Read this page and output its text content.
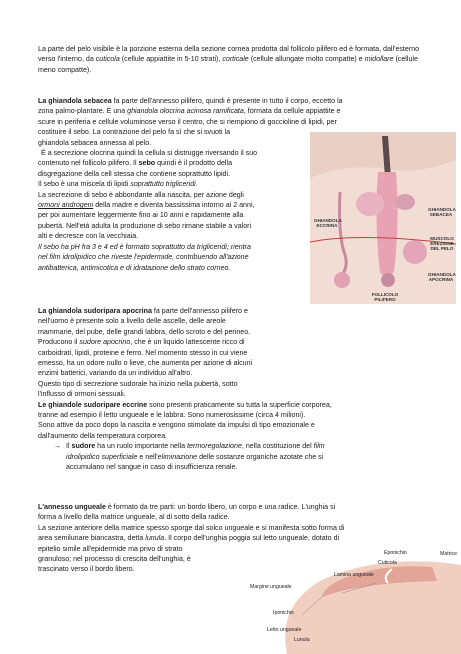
La parte del pelo visibile è la porzione esterna della sezione cornea prodotta dal follicolo pilifero ed è formata, dall'esterno verso l'interno, da cuticola (cellule appiattite in 5-10 strati), corticale (cellule allungate molto compatte) e midollare (cellule meno compatte).

La ghiandola sebacea fa parte dell'annesso pilifero, quindi è presente in tutto il corpo, eccetto la

zona palmo-plantare. È una ghiandola olocrina acinosa ramificata, formata da cellule appiattite e

scure in periferia e cellule voluminose verso il centro, che si riempiono di goccioline di lipidi, per

costituire il sebo. La contrazione del pelo fa sì che si svuoti la

ghiandola sebacea annessa al pelo.

É a secrezione olocrina quindi la cellula si distrugge riversando il suo

contenuto nel follicolo pilifero. Il sebo quindi è il prodotto della

disgregazione della cell stessa che contiene soprattutto lipidi.

Il sebo è una miscela di lipidi soprattutto trigliceridi.

La secrezione di sebo è abbondante alla nascita, per azione degli

ormoni androgeni della madre e diventa bassissima intorno ai 2 anni,

per poi aumentare leggermente fino ai 10 anni e rapidamente alla

pubertà. Nell'età adulta la produzione di sebo rimane stabile a valori

alti e decresce con la vecchiaia.

Il sebo ha pH fra 3 e 4 ed è formato soprattutto da trigliceridi; rientra

nel film idrolipidico che riveste l'epidermide, contribuendo all'azione

antibatterica, antimicotica e di idratazione dello strato corneo.

La ghiandola sudoripara apocrina fa parte dell'annesso pilifero e

nell'uomo è presente solo a livello delle ascelle, delle areole

mammarie, del pube, delle grandi labbra, dello scroto e del perineo.

Producono il sudore apocrino, che è un liquido lattescente ricco di

carboidrati, lipidi, proteine e ferro. Nel momento stesso in cui viene

emesso, ha un odore nullo o lieve, che aumenta per azione di alcuni

enzimi batterici, variando da un individuo all'altro.

Questo tipo di secrezione sudorale ha inizio nella pubertà, sotto

l'influsso di ormoni sessuali.

Le ghiandole sudoripare eccrine sono presenti praticamente su tutta la superficie corporea,

tranne ad esempio il letto ungueale e le labbra. Sono numerosissime (circa 4 milioni).

Sono attive da poco dopo la nascita e vengono stimolate da impulsi di tipo emozionale e

dall'aumento della temperatura corporea.

→ Il sudore ha un ruolo importante nella termoregolazione, nella costituzione del film

idrolipidico superficiale e nell'eliminazione delle sostanze organiche azotate che si

accumulano nel sangue in caso di insufficienza renale.

L'annesso ungueale è formato da tre parti: un bordo libero, un corpo e una radice. L'unghia si

forma a livello della matrice ungueale, al di sotto della radice.

La sezione anteriore della matrice spesso sporge dal solco ungueale e si manifesta sotto forma di

area semilunare biancastra, detta lunula. Il corpo dell'unghia poggia sul letto ungueale, dotato di

epitelio simile all'epidermide ma privo di strato

granuloso; nel processo di crescita dell'unghia, è

trascinato verso il bordo libero.

GHIANDOLA SEBACEA
GHIANDOLA ECCRINA
MUSCOLO EREZIONE DEL PELO
GHIANDOLA APOCRINA
FOLLICOLO PILIFERO
Eponichio
Cuticola
Matrice
Lamina ungueale
Margine ungueale
Iponichio
Letto ungueale
Lunula
